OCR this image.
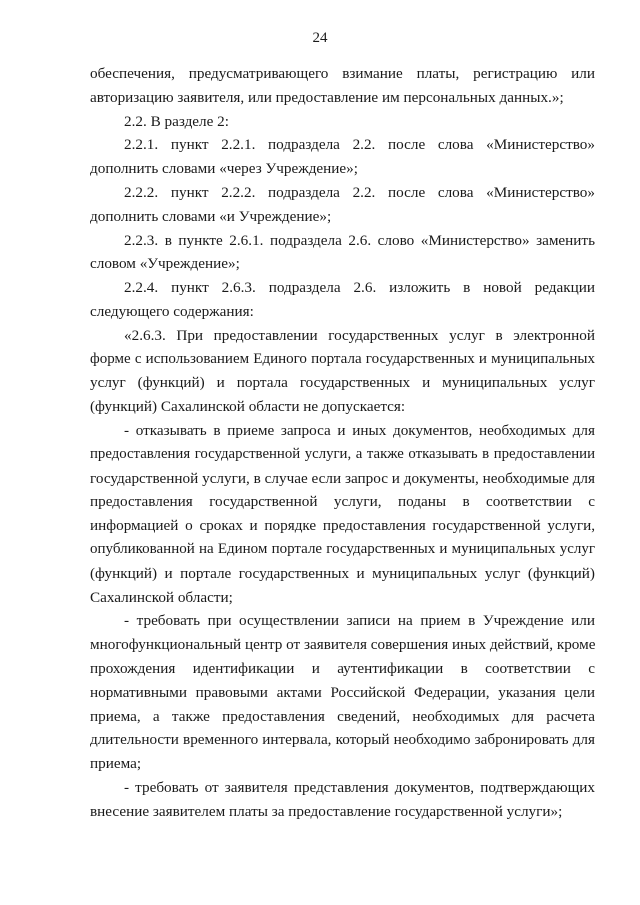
24
обеспечения, предусматривающего взимание платы, регистрацию или
авторизацию заявителя, или предоставление им персональных данных.»;
2.2. В разделе 2:
2.2.1. пункт 2.2.1. подраздела 2.2. после слова «Министерство»
дополнить словами «через Учреждение»;
2.2.2. пункт 2.2.2. подраздела 2.2. после слова «Министерство»
дополнить словами «и Учреждение»;
2.2.3. в пункте 2.6.1. подраздела 2.6. слово «Министерство» заменить
словом «Учреждение»;
2.2.4. пункт 2.6.3. подраздела 2.6. изложить в новой редакции
следующего содержания:
«2.6.3. При предоставлении государственных услуг в электронной
форме с использованием Единого портала государственных и муниципальных
услуг (функций) и портала государственных и муниципальных услуг
(функций) Сахалинской области не допускается:
- отказывать в приеме запроса и иных документов, необходимых для
предоставления государственной услуги, а также отказывать в предоставлении
государственной услуги, в случае если запрос и документы, необходимые для
предоставления государственной услуги, поданы в соответствии с
информацией о сроках и порядке предоставления государственной услуги,
опубликованной на Едином портале государственных и муниципальных услуг
(функций) и портале государственных и муниципальных услуг (функций)
Сахалинской области;
- требовать при осуществлении записи на прием в Учреждение или
многофункциональный центр от заявителя совершения иных действий, кроме
прохождения идентификации и аутентификации в соответствии с
нормативными правовыми актами Российской Федерации, указания цели
приема, а также предоставления сведений, необходимых для расчета
длительности временного интервала, который необходимо забронировать для
приема;
- требовать от заявителя представления документов, подтверждающих
внесение заявителем платы за предоставление государственной услуги»;
